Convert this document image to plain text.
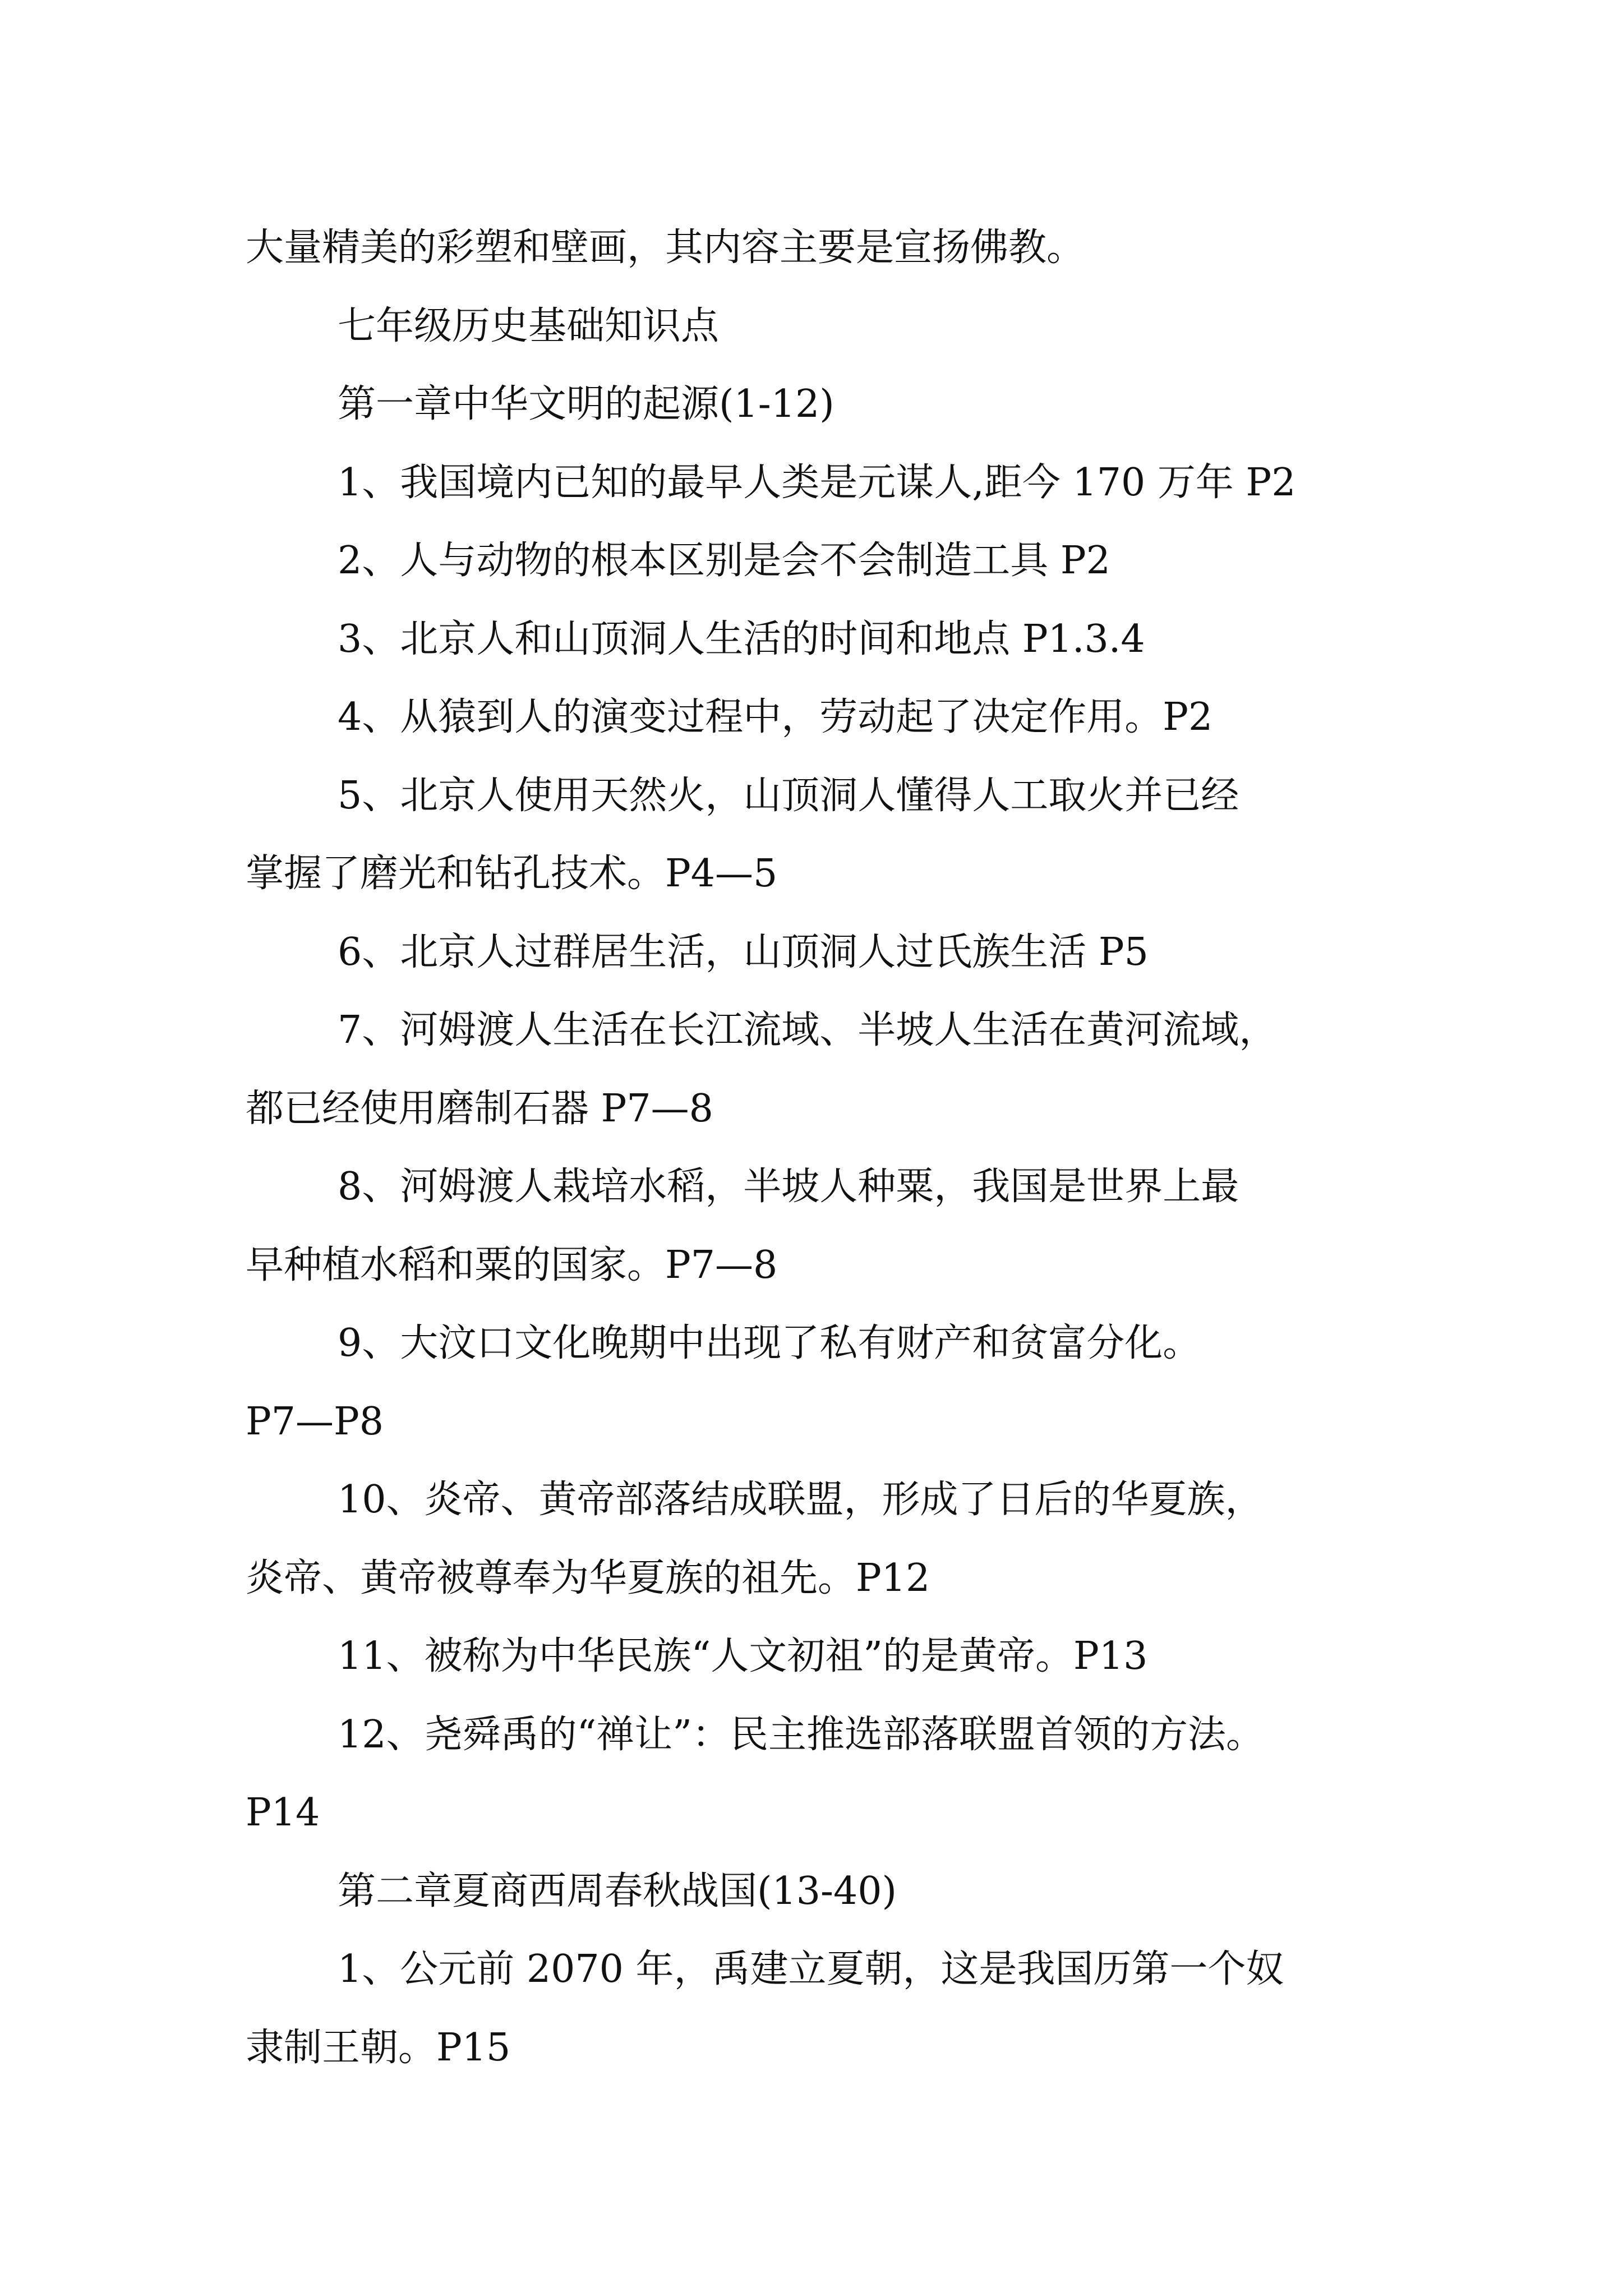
大量精美的彩塑和壁画，其内容主要是宣扬佛教。
七年级历史基础知识点
第一章中华文明的起源(1-12)
1、我国境内已知的最早人类是元谋人,距今 170 万年 P2
2、人与动物的根本区别是会不会制造工具 P2
3、北京人和山顶洞人生活的时间和地点 P1.3.4
4、从猿到人的演变过程中，劳动起了决定作用。P2
5、北京人使用天然火，山顶洞人懂得人工取火并已经
掌握了磨光和钻孔技术。P4—5
6、北京人过群居生活，山顶洞人过氏族生活 P5
7、河姆渡人生活在长江流域、半坡人生活在黄河流域，
都已经使用磨制石器 P7—8
8、河姆渡人栽培水稻，半坡人种粟，我国是世界上最
早种植水稻和粟的国家。P7—8
9、大汶口文化晚期中出现了私有财产和贫富分化。
P7—P8
10、炎帝、黄帝部落结成联盟，形成了日后的华夏族，
炎帝、黄帝被尊奉为华夏族的祖先。P12
11、被称为中华民族“人文初祖”的是黄帝。P13
12、尧舜禹的“禅让”：民主推选部落联盟首领的方法。
P14
第二章夏商西周春秋战国(13-40)
1、公元前 2070 年，禹建立夏朝，这是我国历第一个奴
隶制王朝。P15
